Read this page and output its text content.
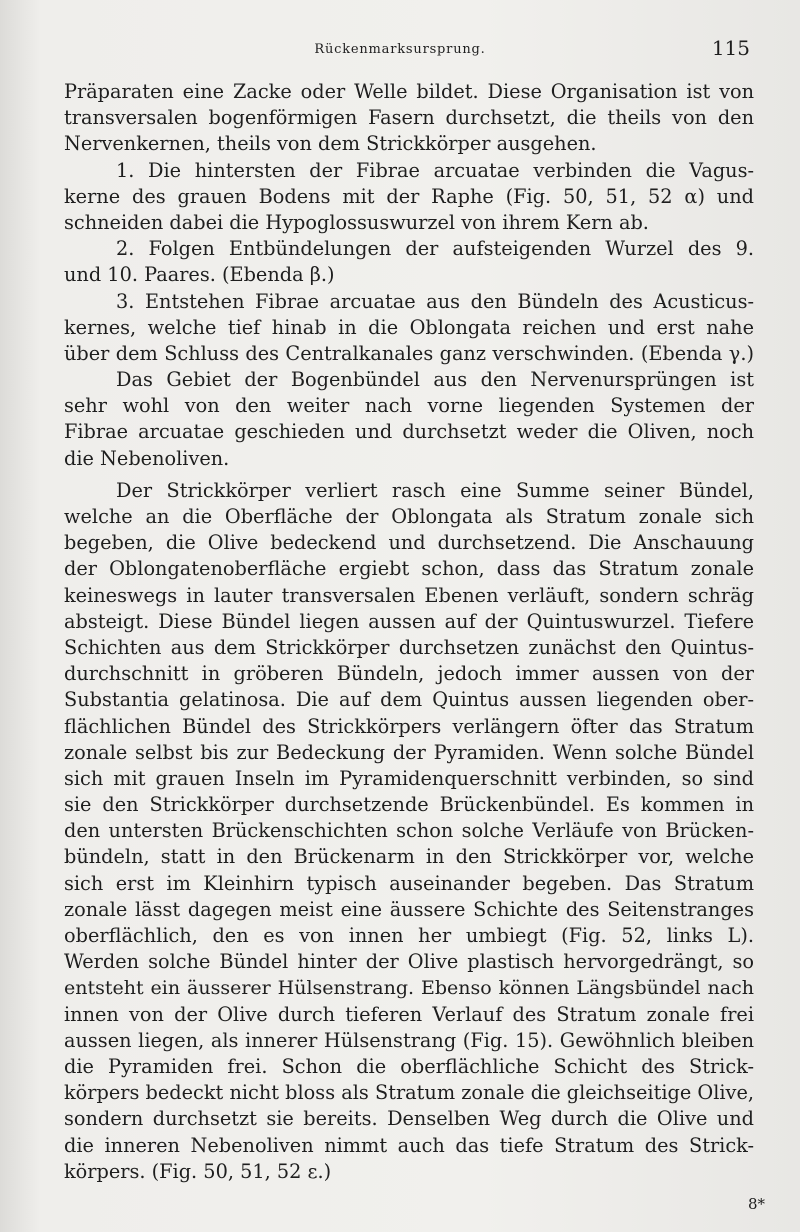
Rückenmarksursprung.	115
Präparaten eine Zacke oder Welle bildet. Diese Organisation ist von
transversalen bogenförmigen Fasern durchsetzt, die theils von den
Nervenkernen, theils von dem Strickkörper ausgehen.
1. Die hintersten der Fibrae arcuatae verbinden die Vagus-
kerne des grauen Bodens mit der Raphe (Fig. 50, 51, 52 α) und
schneiden dabei die Hypoglossuswurzel von ihrem Kern ab.
2. Folgen Entbündelungen der aufsteigenden Wurzel des 9.
und 10. Paares. (Ebenda β.)
3. Entstehen Fibrae arcuatae aus den Bündeln des Acusticus-
kernes, welche tief hinab in die Oblongata reichen und erst nahe
über dem Schluss des Centralkanales ganz verschwinden. (Ebenda γ.)
Das Gebiet der Bogenbündel aus den Nervenursprüngen ist
sehr wohl von den weiter nach vorne liegenden Systemen der
Fibrae arcuatae geschieden und durchsetzt weder die Oliven, noch
die Nebenoliven.
Der Strickkörper verliert rasch eine Summe seiner Bündel,
welche an die Oberfläche der Oblongata als Stratum zonale sich
begeben, die Olive bedeckend und durchsetzend. Die Anschauung
der Oblongatenoberfläche ergiebt schon, dass das Stratum zonale
keineswegs in lauter transversalen Ebenen verläuft, sondern schräg
absteigt. Diese Bündel liegen aussen auf der Quintuswurzel. Tiefere
Schichten aus dem Strickkörper durchsetzen zunächst den Quintus-
durchschnitt in gröberen Bündeln, jedoch immer aussen von der
Substantia gelatinosa. Die auf dem Quintus aussen liegenden ober-
flächlichen Bündel des Strickkörpers verlängern öfter das Stratum
zonale selbst bis zur Bedeckung der Pyramiden. Wenn solche Bündel
sich mit grauen Inseln im Pyramidenquerschnitt verbinden, so sind
sie den Strickkörper durchsetzende Brückenbündel. Es kommen in
den untersten Brückenschichten schon solche Verläufe von Brücken-
bündeln, statt in den Brückenarm in den Strickkörper vor, welche
sich erst im Kleinhirn typisch auseinander begeben. Das Stratum
zonale lässt dagegen meist eine äussere Schichte des Seitenstranges
oberflächlich, den es von innen her umbiegt (Fig. 52, links L).
Werden solche Bündel hinter der Olive plastisch hervorgedrängt, so
entsteht ein äusserer Hülsenstrang. Ebenso können Längsbündel nach
innen von der Olive durch tieferen Verlauf des Stratum zonale frei
aussen liegen, als innerer Hülsenstrang (Fig. 15). Gewöhnlich bleiben
die Pyramiden frei. Schon die oberflächliche Schicht des Strick-
körpers bedeckt nicht bloss als Stratum zonale die gleichseitige Olive,
sondern durchsetzt sie bereits. Denselben Weg durch die Olive und
die inneren Nebenoliven nimmt auch das tiefe Stratum des Strick-
körpers. (Fig. 50, 51, 52 ε.)
8*
